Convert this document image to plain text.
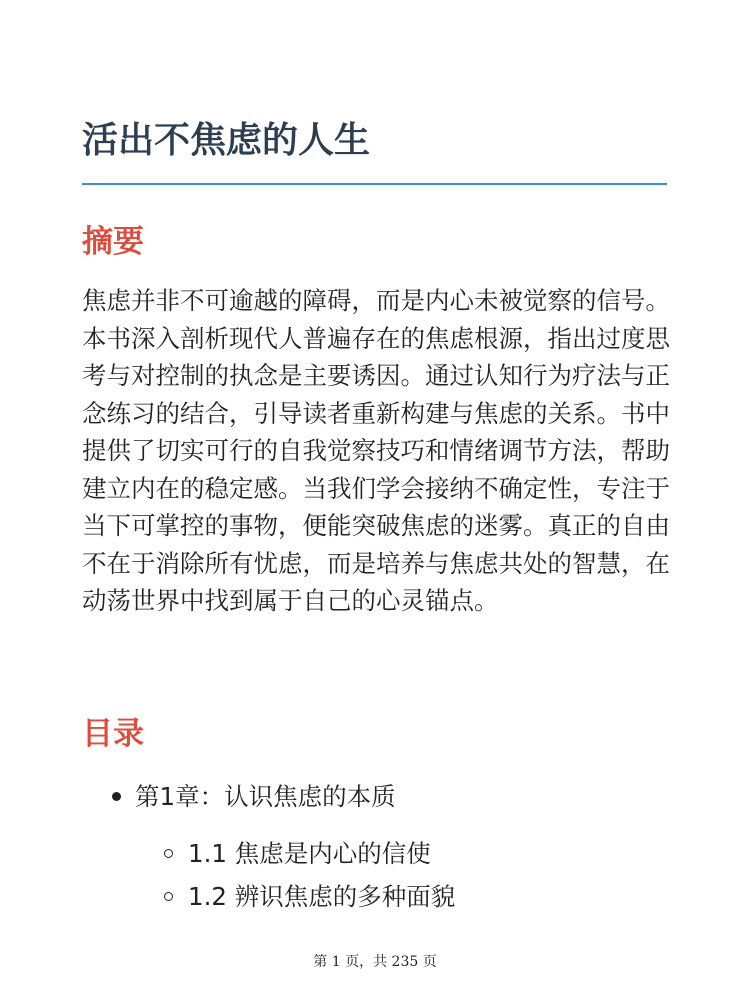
活出不焦虑的人生
摘要

焦虑并非不可逾越的障碍，而是内心未被觉察的信号。本书深入剖析现代人普遍存在的焦虑根源，指出过度思考与对控制的执念是主要诱因。通过认知行为疗法与正念练习的结合，引导读者重新构建与焦虑的关系。书中提供了切实可行的自我觉察技巧和情绪调节方法，帮助建立内在的稳定感。当我们学会接纳不确定性，专注于当下可掌控的事物，便能突破焦虑的迷雾。真正的自由不在于消除所有忧虑，而是培养与焦虑共处的智慧，在动荡世界中找到属于自己的心灵锚点。

目录
第1章：认识焦虑的本质
1.1 焦虑是内心的信使
1.2 辨识焦虑的多种面貌
第 1 页，共 235 页
